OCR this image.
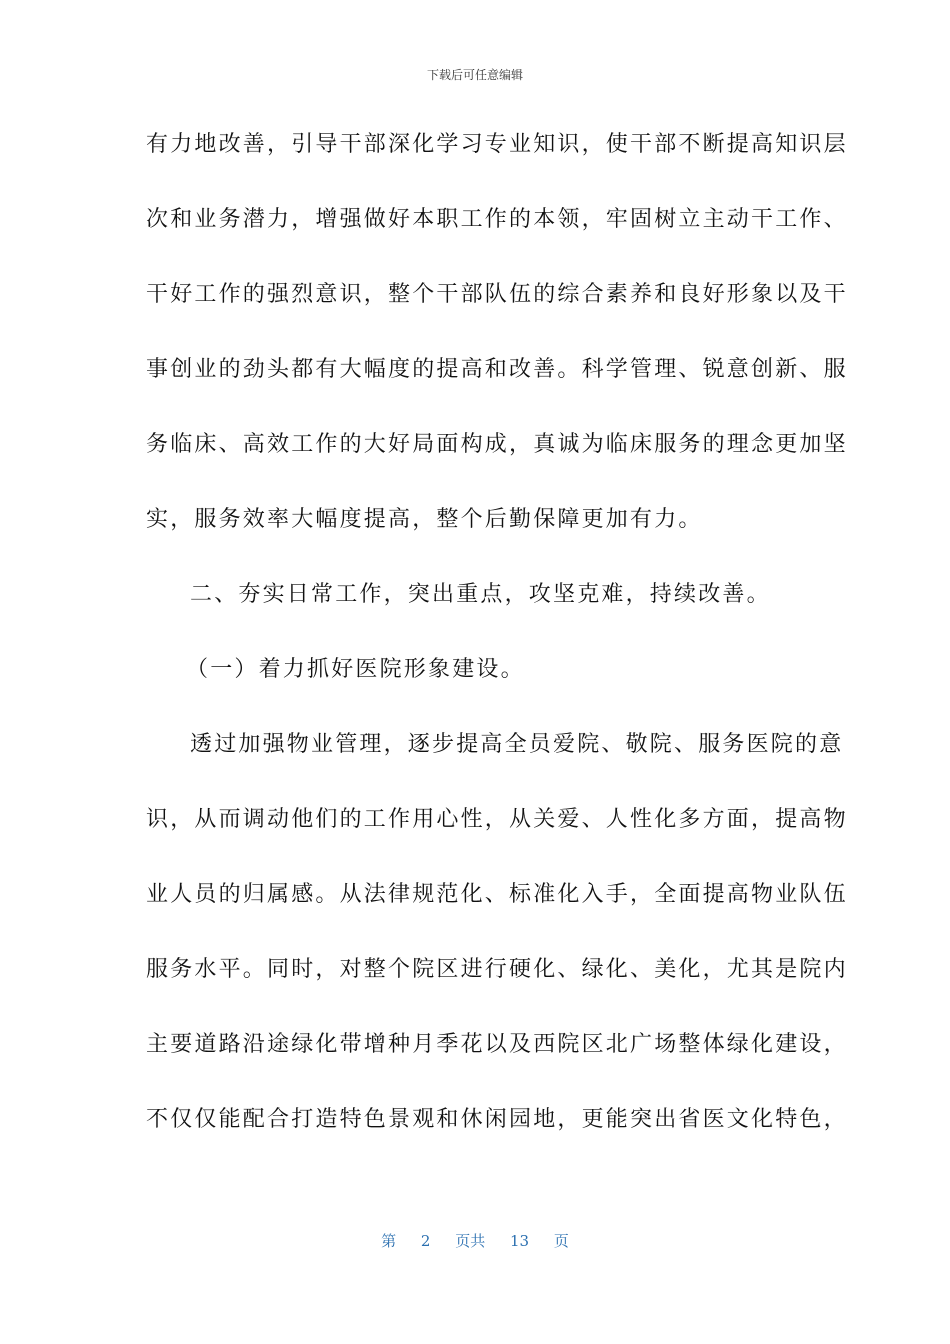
下载后可任意编辑
有力地改善，引导干部深化学习专业知识，使干部不断提高知识层
次和业务潜力，增强做好本职工作的本领，牢固树立主动干工作、
干好工作的强烈意识，整个干部队伍的综合素养和良好形象以及干
事创业的劲头都有大幅度的提高和改善。科学管理、锐意创新、服
务临床、高效工作的大好局面构成，真诚为临床服务的理念更加坚
实，服务效率大幅度提高，整个后勤保障更加有力。
二、夯实日常工作，突出重点，攻坚克难，持续改善。
（一）着力抓好医院形象建设。
透过加强物业管理，逐步提高全员爱院、敬院、服务医院的意
识，从而调动他们的工作用心性，从关爱、人性化多方面，提高物
业人员的归属感。从法律规范化、标准化入手，全面提高物业队伍
服务水平。同时，对整个院区进行硬化、绿化、美化，尤其是院内
主要道路沿途绿化带增种月季花以及西院区北广场整体绿化建设，
不仅仅能配合打造特色景观和休闲园地，更能突出省医文化特色，
第 2 页共 13 页
